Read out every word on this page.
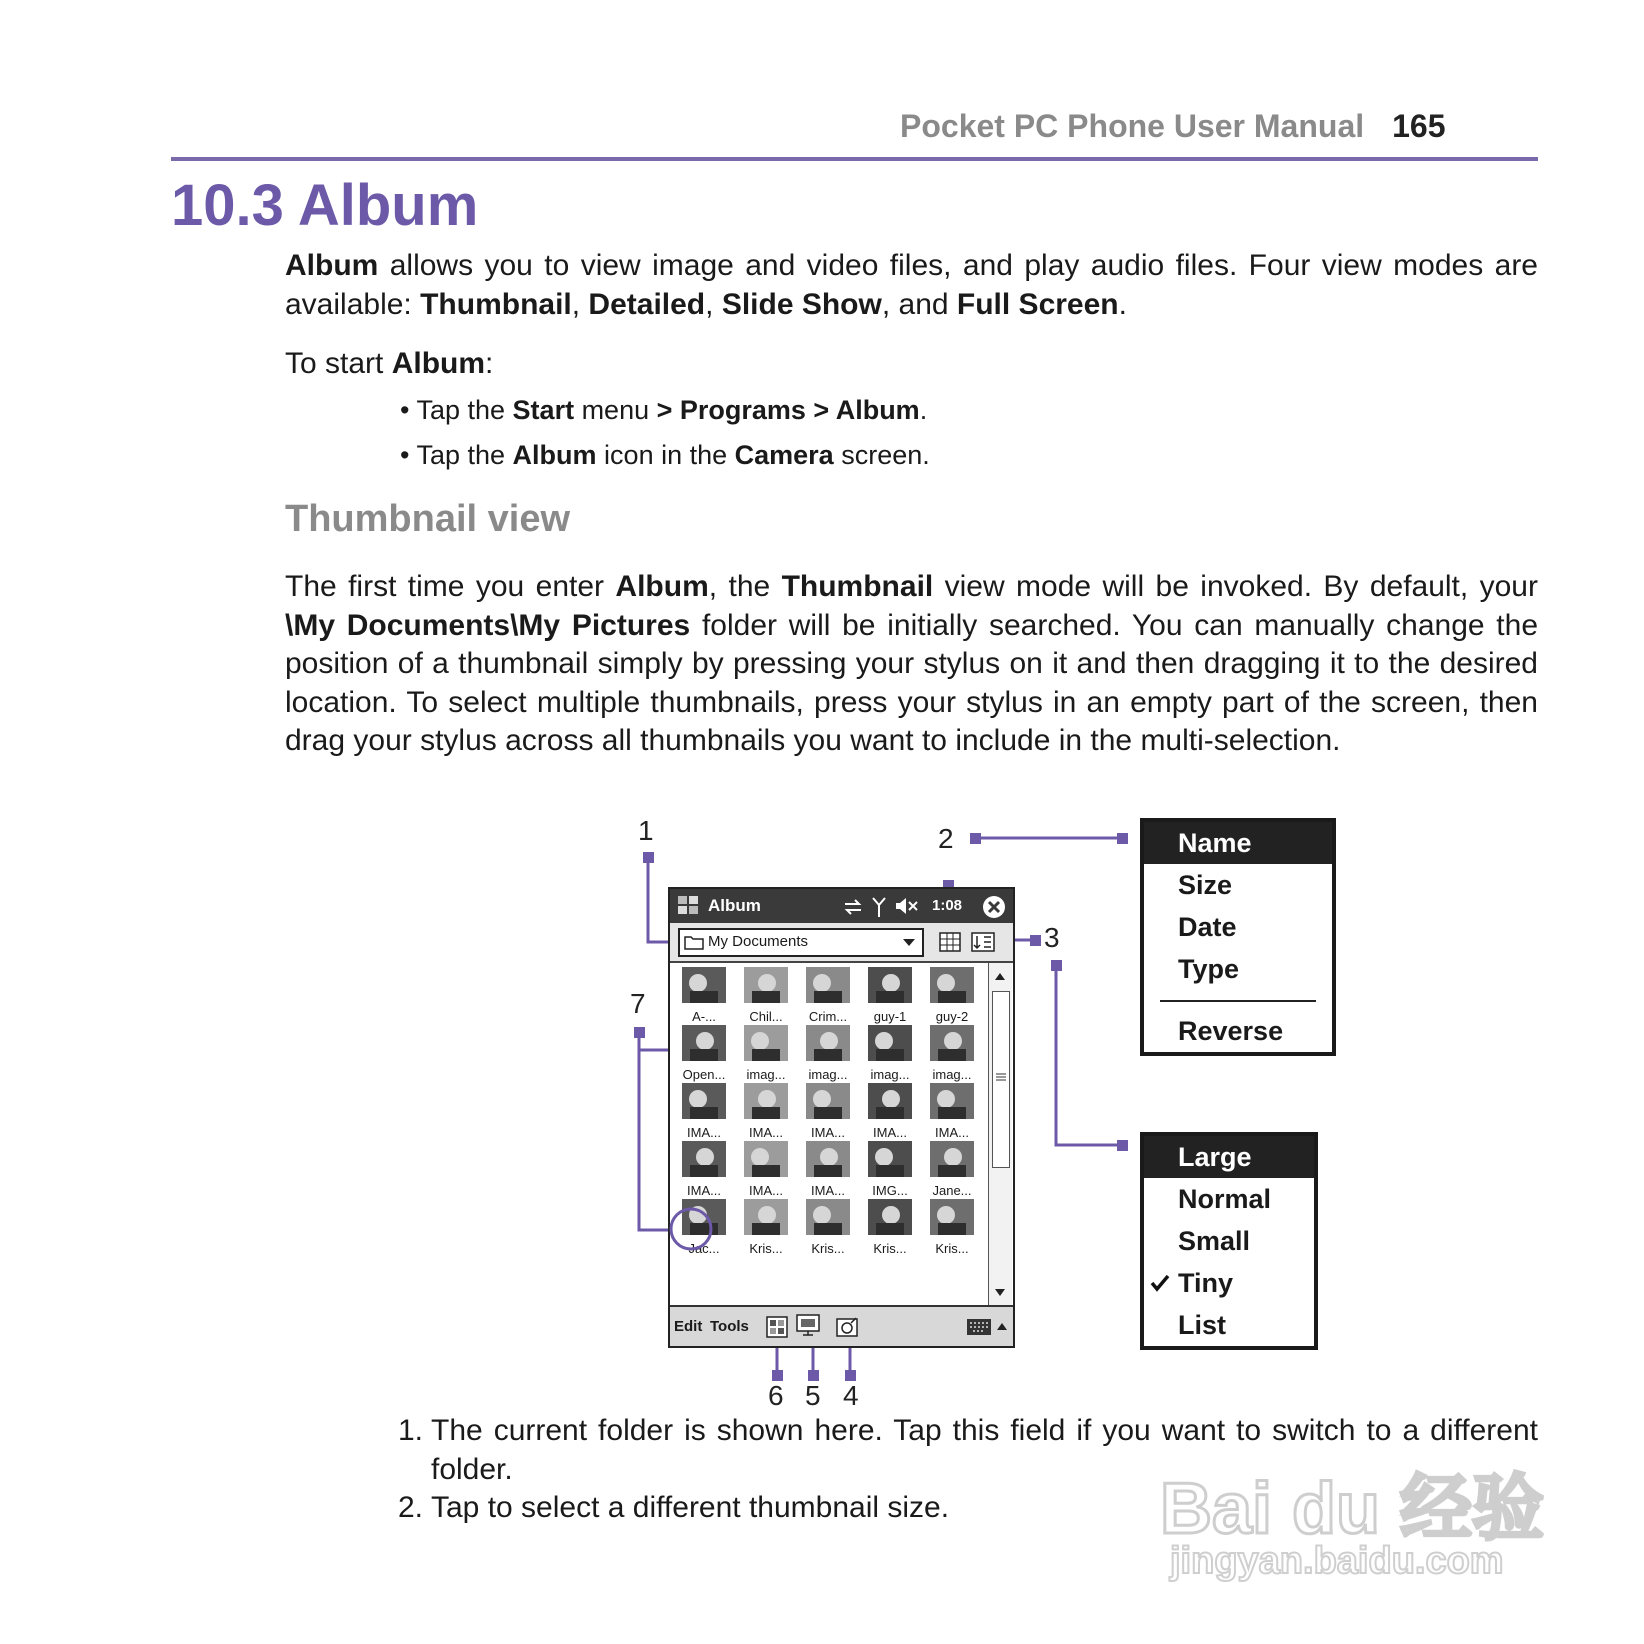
Pocket PC Phone User Manual 165
10.3 Album
Album allows you to view image and video files, and play audio files. Four view modes are available: Thumbnail, Detailed, Slide Show, and Full Screen.
To start Album:
• Tap the Start menu > Programs > Album.
• Tap the Album icon in the Camera screen.
Thumbnail view
The first time you enter Album, the Thumbnail view mode will be invoked. By default, your \My Documents\My Pictures folder will be initially searched. You can manually change the position of a thumbnail simply by pressing your stylus on it and then dragging it to the desired location. To select multiple thumbnails, press your stylus in an empty part of the screen, then drag your stylus across all thumbnails you want to include in the multi-selection.
1	2
3
4
5
6
7
Album	1:08
My Documents
A-...	Chil...	Crim...	guy-1	guy-2
Open...	imag...	imag...	imag...	imag...
IMA...	IMA...	IMA...	IMA...	IMA...
IMA...	IMA...	IMA...	IMG...	Jane...
Jac...	Kris...	Kris...	Kris...	Kris...
Edit Tools
Name
Size
Date
Type
Reverse
Large
Normal
Small
Tiny
List
1. The current folder is shown here. Tap this field if you want to switch to a different folder.
2. Tap to select a different thumbnail size.	Bai du 经验
jingyan.baidu.com
